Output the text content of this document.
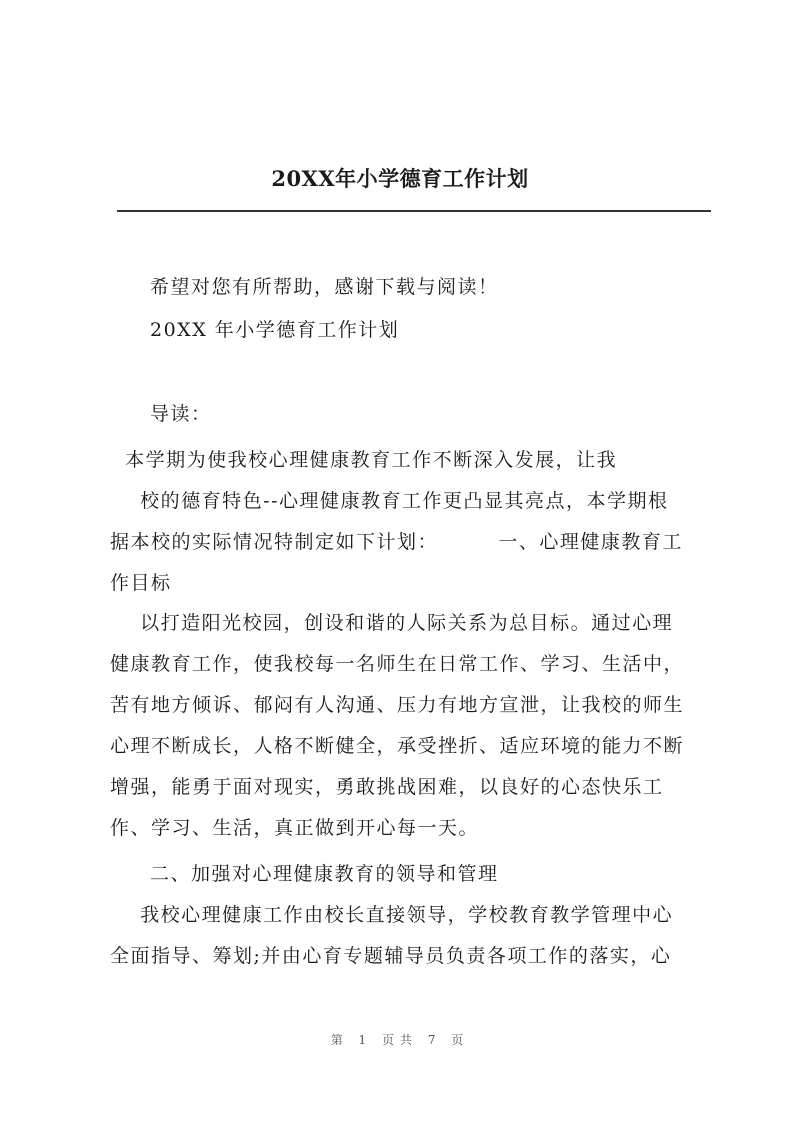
20XX年小学德育工作计划

希望对您有所帮助，感谢下载与阅读！

20XX 年小学德育工作计划

导读：

本学期为使我校心理健康教育工作不断深入发展，让我
校的德育特色--心理健康教育工作更凸显其亮点，本学期根
据本校的实际情况特制定如下计划：        一、心理健康教育工
作目标
以打造阳光校园，创设和谐的人际关系为总目标。通过心理
健康教育工作，使我校每一名师生在日常工作、学习、生活中，
苦有地方倾诉、郁闷有人沟通、压力有地方宣泄，让我校的师生
心理不断成长，人格不断健全，承受挫折、适应环境的能力不断
增强，能勇于面对现实，勇敢挑战困难，以良好的心态快乐工
作、学习、生活，真正做到开心每一天。

二、加强对心理健康教育的领导和管理

我校心理健康工作由校长直接领导，学校教育教学管理中心
全面指导、筹划;并由心育专题辅导员负责各项工作的落实，心
第 1 页共 7 页
